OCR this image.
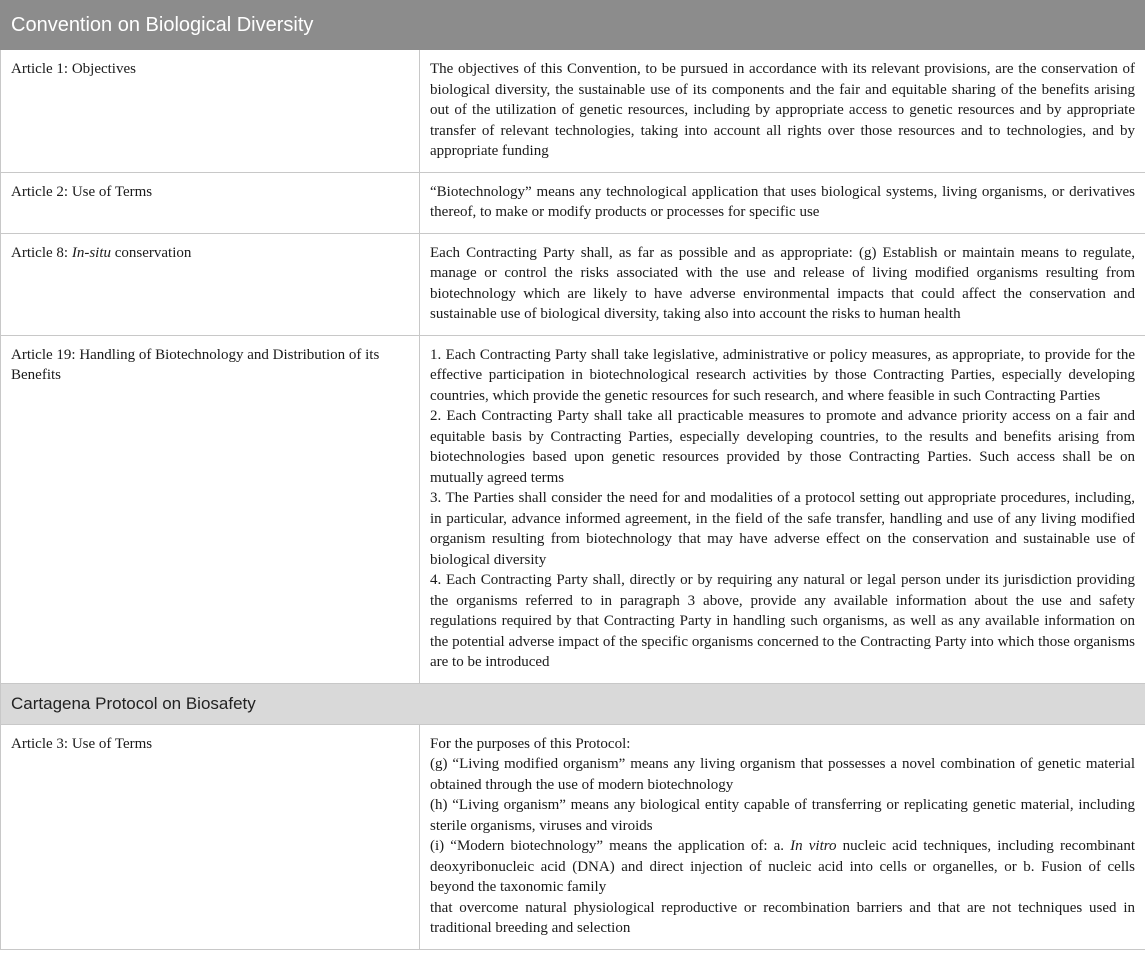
Convention on Biological Diversity	
Article 1: Objectives	The objectives of this Convention, to be pursued in accordance with its relevant provisions, are the conservation of biological diversity, the sustainable use of its components and the fair and equitable sharing of the benefits arising out of the utilization of genetic resources, including by appropriate access to genetic resources and by appropriate transfer of relevant technologies, taking into account all rights over those resources and to technologies, and by appropriate funding

Article 2: Use of Terms	“Biotechnology” means any technological application that uses biological systems, living organisms, or derivatives thereof, to make or modify products or processes for specific use

Article 8: In-situ conservation	Each Contracting Party shall, as far as possible and as appropriate: (g) Establish or maintain means to regulate, manage or control the risks associated with the use and release of living modified organisms resulting from biotechnology which are likely to have adverse environmental impacts that could affect the conservation and sustainable use of biological diversity, taking also into account the risks to human health

Article 19: Handling of Biotechnology and Distribution of its Benefits	1. Each Contracting Party shall take legislative, administrative or policy measures, as appropriate, to provide for the effective participation in biotechnological research activities by those Contracting Parties, especially developing countries, which provide the genetic resources for such research, and where feasible in such Contracting Parties
2. Each Contracting Party shall take all practicable measures to promote and advance priority access on a fair and equitable basis by Contracting Parties, especially developing countries, to the results and benefits arising from biotechnologies based upon genetic resources provided by those Contracting Parties. Such access shall be on mutually agreed terms
3. The Parties shall consider the need for and modalities of a protocol setting out appropriate procedures, including, in particular, advance informed agreement, in the field of the safe transfer, handling and use of any living modified organism resulting from biotechnology that may have adverse effect on the conservation and sustainable use of biological diversity
4. Each Contracting Party shall, directly or by requiring any natural or legal person under its jurisdiction providing the organisms referred to in paragraph 3 above, provide any available information about the use and safety regulations required by that Contracting Party in handling such organisms, as well as any available information on the potential adverse impact of the specific organisms concerned to the Contracting Party into which those organisms are to be introduced

Cartagena Protocol on Biosafety	
Article 3: Use of Terms	For the purposes of this Protocol:
(g) “Living modified organism” means any living organism that possesses a novel combination of genetic material obtained through the use of modern biotechnology
(h) “Living organism” means any biological entity capable of transferring or replicating genetic material, including sterile organisms, viruses and viroids
(i) “Modern biotechnology” means the application of: a. In vitro nucleic acid techniques, including recombinant deoxyribonucleic acid (DNA) and direct injection of nucleic acid into cells or organelles, or b. Fusion of cells beyond the taxonomic family
that overcome natural physiological reproductive or recombination barriers and that are not techniques used in traditional breeding and selection
